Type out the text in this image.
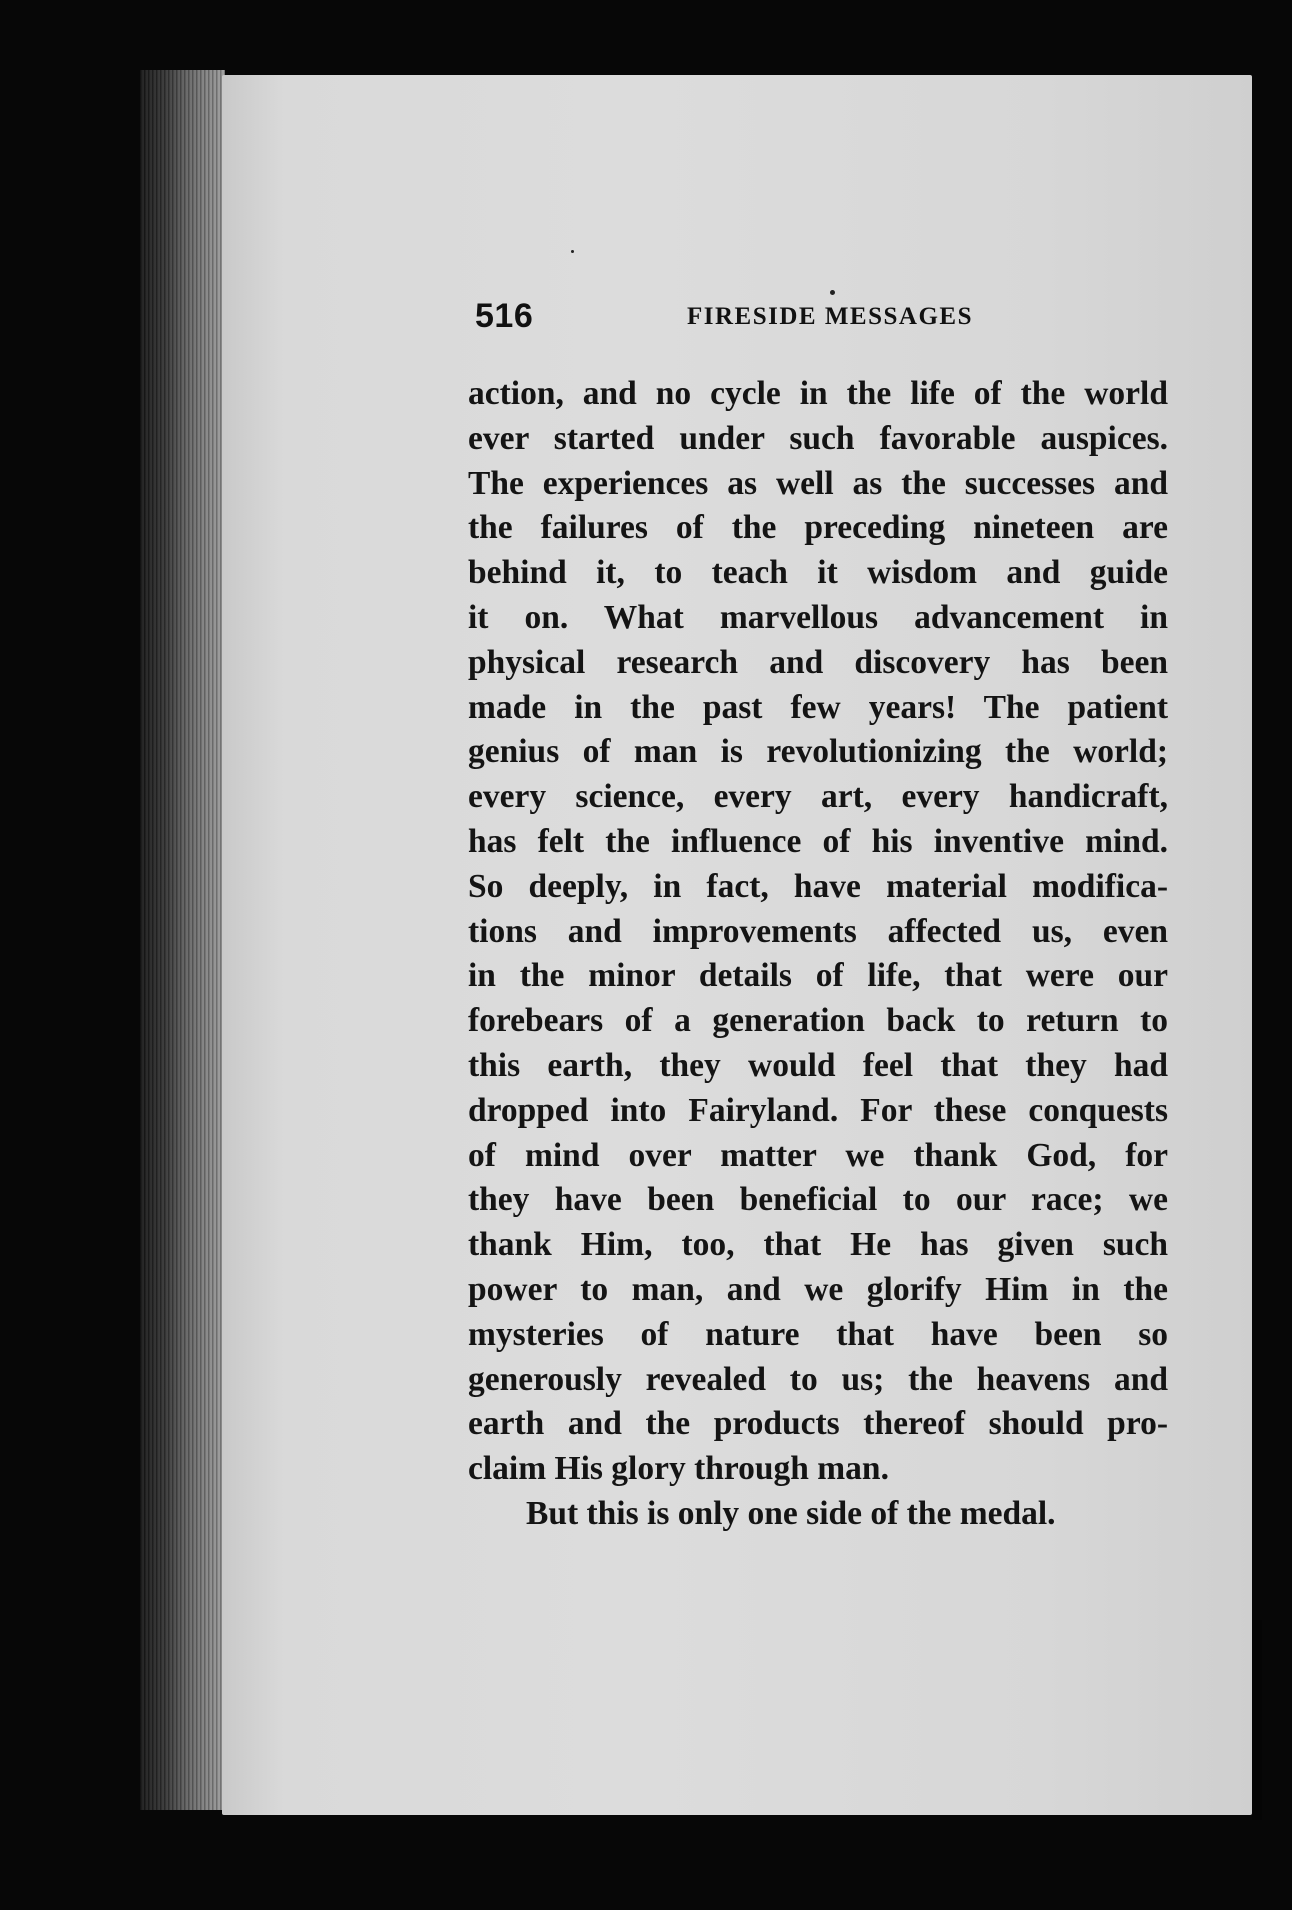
516	FIRESIDE MESSAGES
action, and no cycle in the life of the world
ever started under such favorable auspices.
The experiences as well as the successes and
the failures of the preceding nineteen are
behind it, to teach it wisdom and guide
it on. What marvellous advancement in
physical research and discovery has been
made in the past few years! The patient
genius of man is revolutionizing the world;
every science, every art, every handicraft,
has felt the influence of his inventive mind.
So deeply, in fact, have material modifica-
tions and improvements affected us, even
in the minor details of life, that were our
forebears of a generation back to return to
this earth, they would feel that they had
dropped into Fairyland. For these conquests
of mind over matter we thank God, for
they have been beneficial to our race; we
thank Him, too, that He has given such
power to man, and we glorify Him in the
mysteries of nature that have been so
generously revealed to us; the heavens and
earth and the products thereof should pro-
claim His glory through man.
But this is only one side of the medal.
